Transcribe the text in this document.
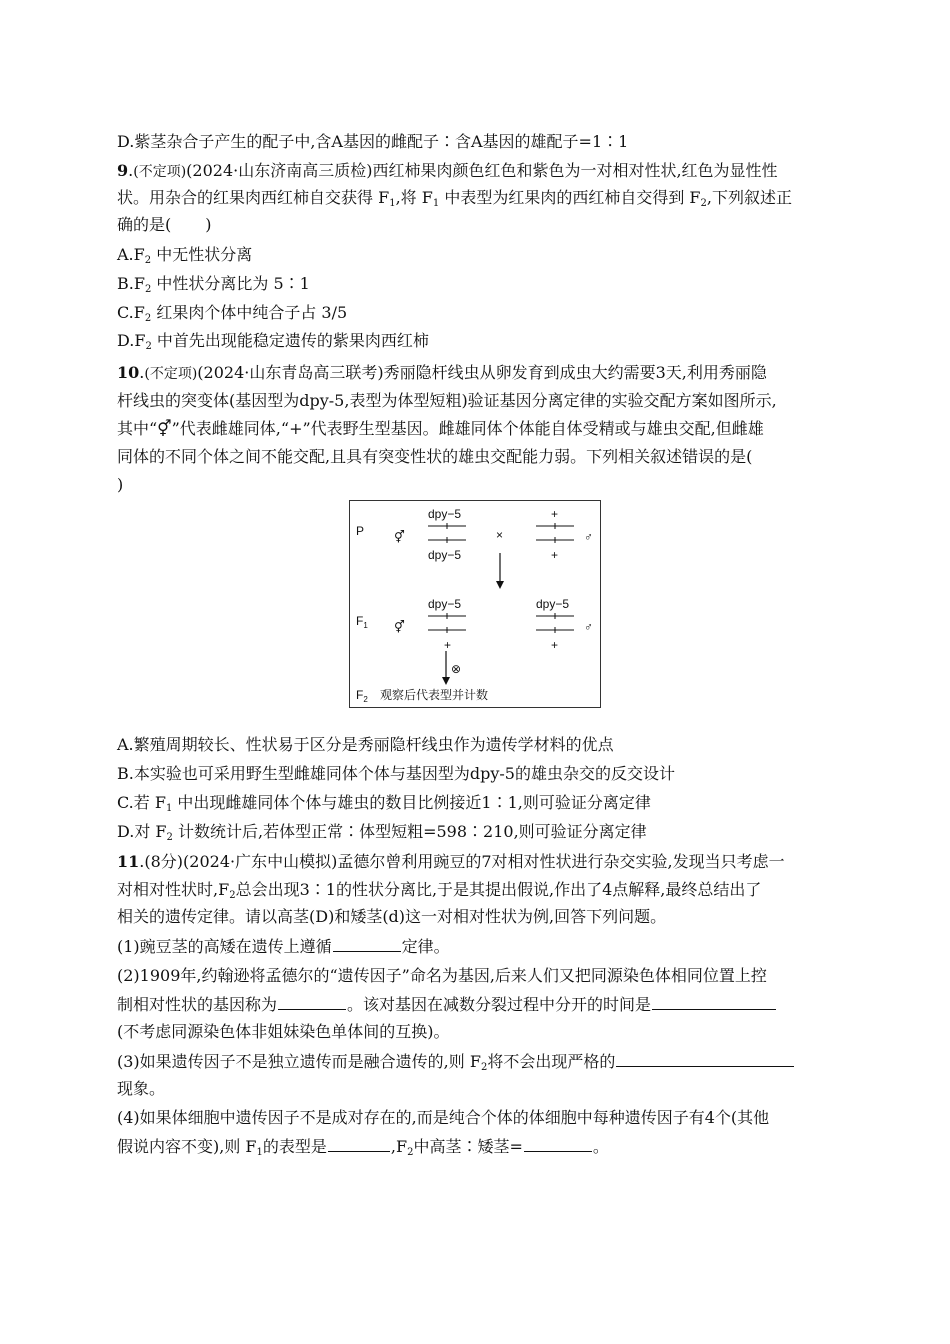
D.紫茎杂合子产生的配子中,含A基因的雌配子∶含A基因的雄配子=1∶1
9.(不定项)(2024·山东济南高三质检)西红柿果肉颜色红色和紫色为一对相对性状,红色为显性性
状。用杂合的红果肉西红柿自交获得 $F_1$,将 $F_1$ 中表型为红果肉的西红柿自交得到 $F_2$,下列叙述正
确的是( )
$A.F_2$ 中无性状分离
$B.F_2$ 中性状分离比为 5∶1
$C.F_2$ 红果肉个体中纯合子占 3/5
$D.F_2$ 中首先出现能稳定遗传的紫果肉西红柿
10.(不定项)(2024·山东青岛高三联考)秀丽隐杆线虫从卵发育到成虫大约需要3天,利用秀丽隐
杆线虫的突变体(基因型为dpy-5,表型为体型短粗)验证基因分离定律的实验交配方案如图所示,
其中“⚥”代表雌雄同体,“+”代表野生型基因。雌雄同体个体能自体受精或与雄虫交配,但雌雄
同体的不同个体之间不能交配,且具有突变性状的雄虫交配能力弱。下列相关叙述错误的是(
)
P ⚥
dpy−5
dpy−5
×
+
+
♂
$F_1$ ⚥
dpy−5
+
dpy−5
+
♂
⊗
$F_2$ 观察后代表型并计数
A.繁殖周期较长、性状易于区分是秀丽隐杆线虫作为遗传学材料的优点
B.本实验也可采用野生型雌雄同体个体与基因型为dpy-5的雄虫杂交的反交设计
C.若 $F_1$ 中出现雌雄同体个体与雄虫的数目比例接近1∶1,则可验证分离定律
D.对 $F_2$ 计数统计后,若体型正常∶体型短粗=598∶210,则可验证分离定律
11.(8分)(2024·广东中山模拟)孟德尔曾利用豌豆的7对相对性状进行杂交实验,发现当只考虑一
对相对性状时$,F_2$总会出现3∶1的性状分离比,于是其提出假说,作出了4点解释,最终总结出了
相关的遗传定律。请以高茎(D)和矮茎(d)这一对相对性状为例,回答下列问题。
(1)豌豆茎的高矮在遗传上遵循	定律。
(2)1909年,约翰逊将孟德尔的“遗传因子”命名为基因,后来人们又把同源染色体相同位置上控
制相对性状的基因称为	。该对基因在减数分裂过程中分开的时间是
(不考虑同源染色体非姐妹染色单体间的互换)。
(3)如果遗传因子不是独立遗传而是融合遗传的,则 $F_2$将不会出现严格的
现象。
(4)如果体细胞中遗传因子不是成对存在的,而是纯合个体的体细胞中每种遗传因子有4个(其他
假说内容不变),则 $F_1$的表型是	$,F_2$中高茎∶矮茎=	。
